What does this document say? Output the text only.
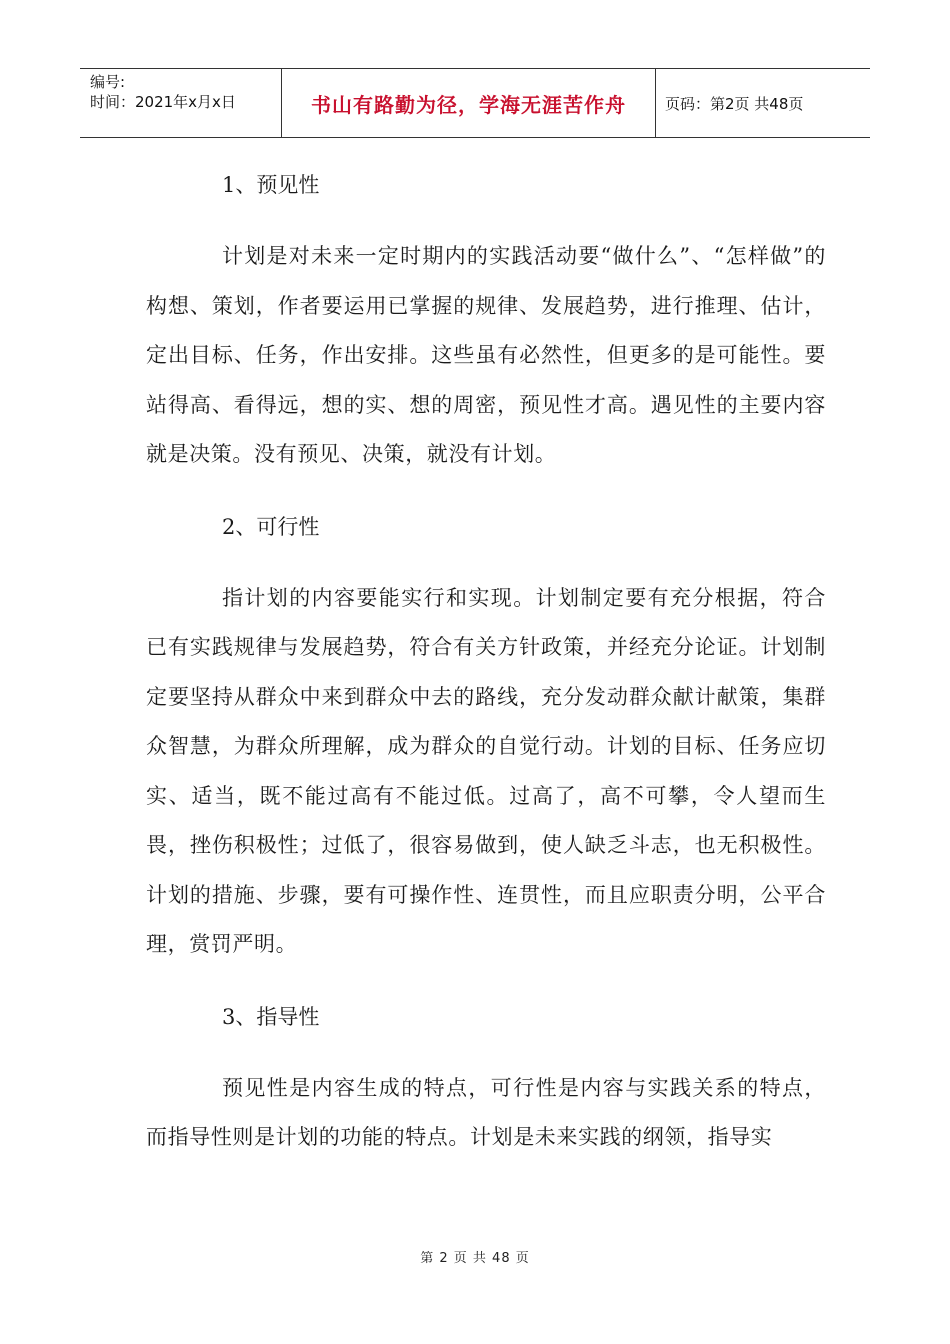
编号:
时间：2021年x月x日	书山有路勤为径，学海无涯苦作舟	页码：第2页 共48页

1、预见性

计划是对未来一定时期内的实践活动要“做什么”、“怎样做”的构想、策划，作者要运用已掌握的规律、发展趋势，进行推理、估计，定出目标、任务，作出安排。这些虽有必然性，但更多的是可能性。要站得高、看得远，想的实、想的周密，预见性才高。遇见性的主要内容就是决策。没有预见、决策，就没有计划。

2、可行性

指计划的内容要能实行和实现。计划制定要有充分根据，符合已有实践规律与发展趋势，符合有关方针政策，并经充分论证。计划制定要坚持从群众中来到群众中去的路线，充分发动群众献计献策，集群众智慧，为群众所理解，成为群众的自觉行动。计划的目标、任务应切实、适当，既不能过高有不能过低。过高了，高不可攀，令人望而生畏，挫伤积极性；过低了，很容易做到，使人缺乏斗志，也无积极性。计划的措施、步骤，要有可操作性、连贯性，而且应职责分明，公平合理，赏罚严明。

3、指导性

预见性是内容生成的特点，可行性是内容与实践关系的特点，而指导性则是计划的功能的特点。计划是未来实践的纲领，指导实

第 2 页 共 48 页
